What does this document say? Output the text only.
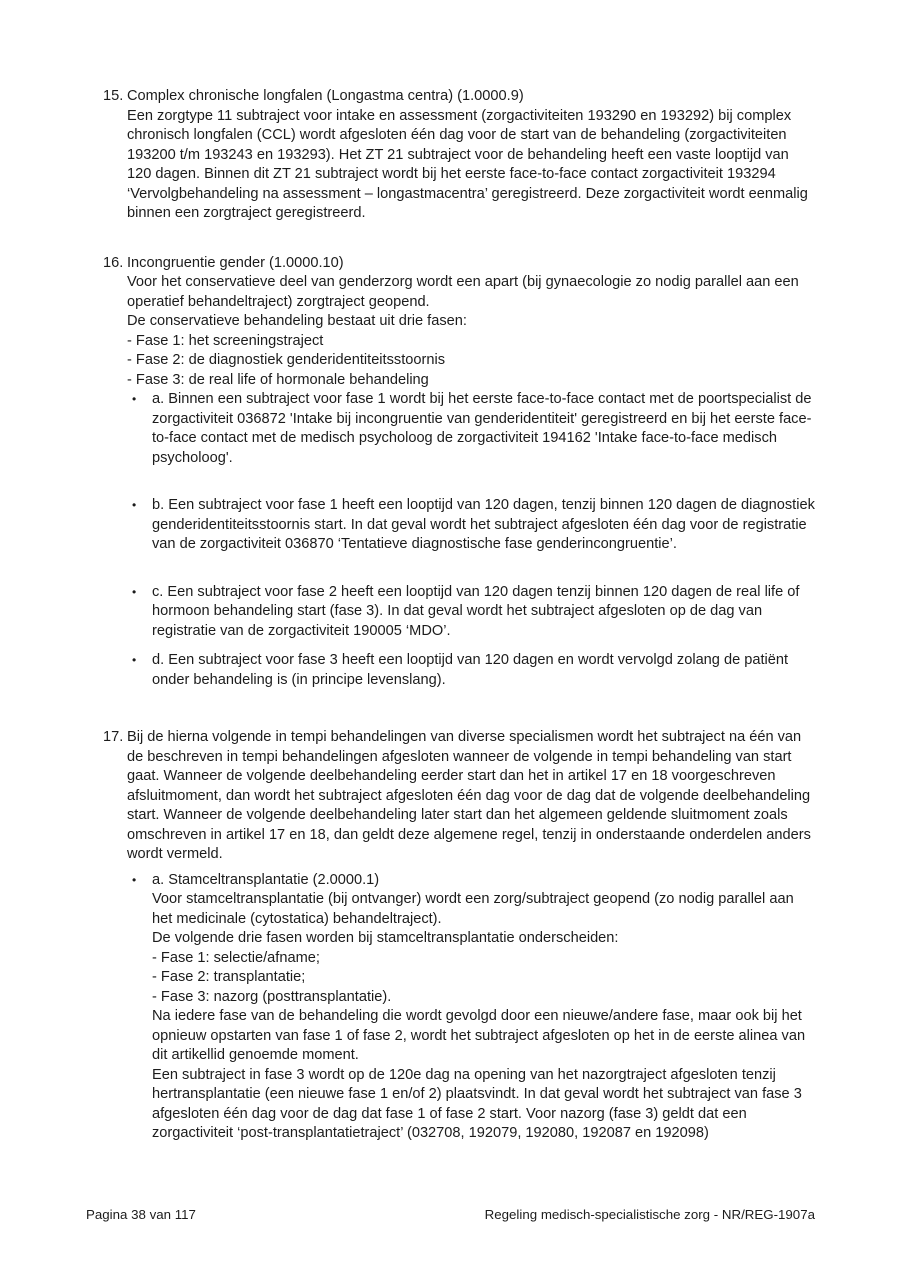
15. Complex chronische longfalen (Longastma centra) (1.0000.9)

Een zorgtype 11 subtraject voor intake en assessment (zorgactiviteiten 193290 en 193292) bij complex chronisch longfalen (CCL) wordt afgesloten één dag voor de start van de behandeling (zorgactiviteiten 193200 t/m 193243 en 193293). Het ZT 21 subtraject voor de behandeling heeft een vaste looptijd van 120 dagen. Binnen dit ZT 21 subtraject wordt bij het eerste face-to-face contact zorgactiviteit 193294 ‘Vervolgbehandeling na assessment – longastmacentra’ geregistreerd. Deze zorgactiviteit wordt eenmalig binnen een zorgtraject geregistreerd.

16. Incongruentie gender (1.0000.10)

Voor het conservatieve deel van genderzorg wordt een apart (bij gynaecologie zo nodig parallel aan een operatief behandeltraject) zorgtraject geopend.

De conservatieve behandeling bestaat uit drie fasen:

- Fase 1: het screeningstraject

- Fase 2: de diagnostiek genderidentiteitsstoornis

- Fase 3: de real life of hormonale behandeling

•	a. Binnen een subtraject voor fase 1 wordt bij het eerste face-to-face contact met de poortspecialist de zorgactiviteit 036872 'Intake bij incongruentie van genderidentiteit' geregistreerd en bij het eerste face-to-face contact met de medisch psycholoog de zorgactiviteit 194162 'Intake face-to-face medisch psycholoog'.

•	b. Een subtraject voor fase 1 heeft een looptijd van 120 dagen, tenzij binnen 120 dagen de diagnostiek genderidentiteitsstoornis start. In dat geval wordt het subtraject afgesloten één dag voor de registratie van de zorgactiviteit 036870 ‘Tentatieve diagnostische fase genderincongruentie’.

•	c. Een subtraject voor fase 2 heeft een looptijd van 120 dagen tenzij binnen 120 dagen de real life of hormoon behandeling start (fase 3). In dat geval wordt het subtraject afgesloten op de dag van registratie van de zorgactiviteit 190005 ‘MDO’.

•	d. Een subtraject voor fase 3 heeft een looptijd van 120 dagen en wordt vervolgd zolang de patiënt onder behandeling is (in principe levenslang).

17. Bij de hierna volgende in tempi behandelingen van diverse specialismen wordt het subtraject na één van de beschreven in tempi behandelingen afgesloten wanneer de volgende in tempi behandeling van start gaat. Wanneer de volgende deelbehandeling eerder start dan het in artikel 17 en 18 voorgeschreven afsluitmoment, dan wordt het subtraject afgesloten één dag voor de dag dat de volgende deelbehandeling start. Wanneer de volgende deelbehandeling later start dan het algemeen geldende sluitmoment zoals omschreven in artikel 17 en 18, dan geldt deze algemene regel, tenzij in onderstaande onderdelen anders wordt vermeld.

•	a. Stamceltransplantatie (2.0000.1)

Voor stamceltransplantatie (bij ontvanger) wordt een zorg/subtraject geopend (zo nodig parallel aan het medicinale (cytostatica) behandeltraject).

De volgende drie fasen worden bij stamceltransplantatie onderscheiden:

- Fase 1: selectie/afname;

- Fase 2: transplantatie;

- Fase 3: nazorg (posttransplantatie).

Na iedere fase van de behandeling die wordt gevolgd door een nieuwe/andere fase, maar ook bij het opnieuw opstarten van fase 1 of fase 2, wordt het subtraject afgesloten op het in de eerste alinea van dit artikellid genoemde moment.

Een subtraject in fase 3 wordt op de 120e dag na opening van het nazorgtraject afgesloten tenzij hertransplantatie (een nieuwe fase 1 en/of 2) plaatsvindt. In dat geval wordt het subtraject van fase 3 afgesloten één dag voor de dag dat fase 1 of fase 2 start. Voor nazorg (fase 3) geldt dat een zorgactiviteit ‘post-transplantatietraject’ (032708, 192079, 192080, 192087 en 192098)

Pagina 38 van 117	Regeling medisch-specialistische zorg - NR/REG-1907a
